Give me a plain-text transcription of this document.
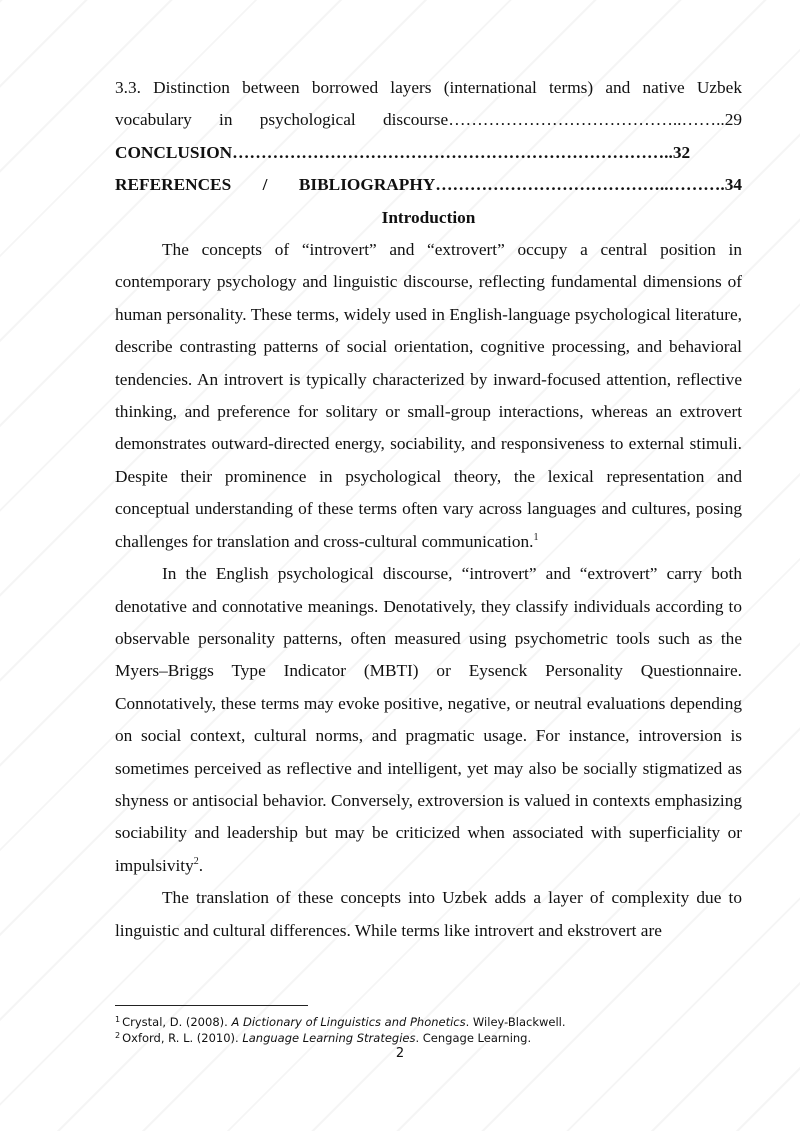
3.3. Distinction between borrowed layers (international terms) and native Uzbek
vocabulary in psychological discourse…………………………………..……..29

CONCLUSION…………………………………………………………………..32

REFERENCES / BIBLIOGRAPHY…………………………………..……….34

Introduction

The concepts of “introvert” and “extrovert” occupy a central position in contemporary psychology and linguistic discourse, reflecting fundamental dimensions of human personality. These terms, widely used in English-language psychological literature, describe contrasting patterns of social orientation, cognitive processing, and behavioral tendencies. An introvert is typically characterized by inward-focused attention, reflective thinking, and preference for solitary or small-group interactions, whereas an extrovert demonstrates outward-directed energy, sociability, and responsiveness to external stimuli. Despite their prominence in psychological theory, the lexical representation and conceptual understanding of these terms often vary across languages and cultures, posing challenges for translation and cross-cultural communication.$^1$

In the English psychological discourse, “introvert” and “extrovert” carry both denotative and connotative meanings. Denotatively, they classify individuals according to observable personality patterns, often measured using psychometric tools such as the Myers–Briggs Type Indicator (MBTI) or Eysenck Personality Questionnaire. Connotatively, these terms may evoke positive, negative, or neutral evaluations depending on social context, cultural norms, and pragmatic usage. For instance, introversion is sometimes perceived as reflective and intelligent, yet may also be socially stigmatized as shyness or antisocial behavior. Conversely, extroversion is valued in contexts emphasizing sociability and leadership but may be criticized when associated with superficiality or impulsivity$^2$.

The translation of these concepts into Uzbek adds a layer of complexity due to linguistic and cultural differences. While terms like introvert and ekstrovert are

$^1$ Crystal, D. (2008). A Dictionary of Linguistics and Phonetics. Wiley-Blackwell.

$^2$ Oxford, R. L. (2010). Language Learning Strategies. Cengage Learning.

2
